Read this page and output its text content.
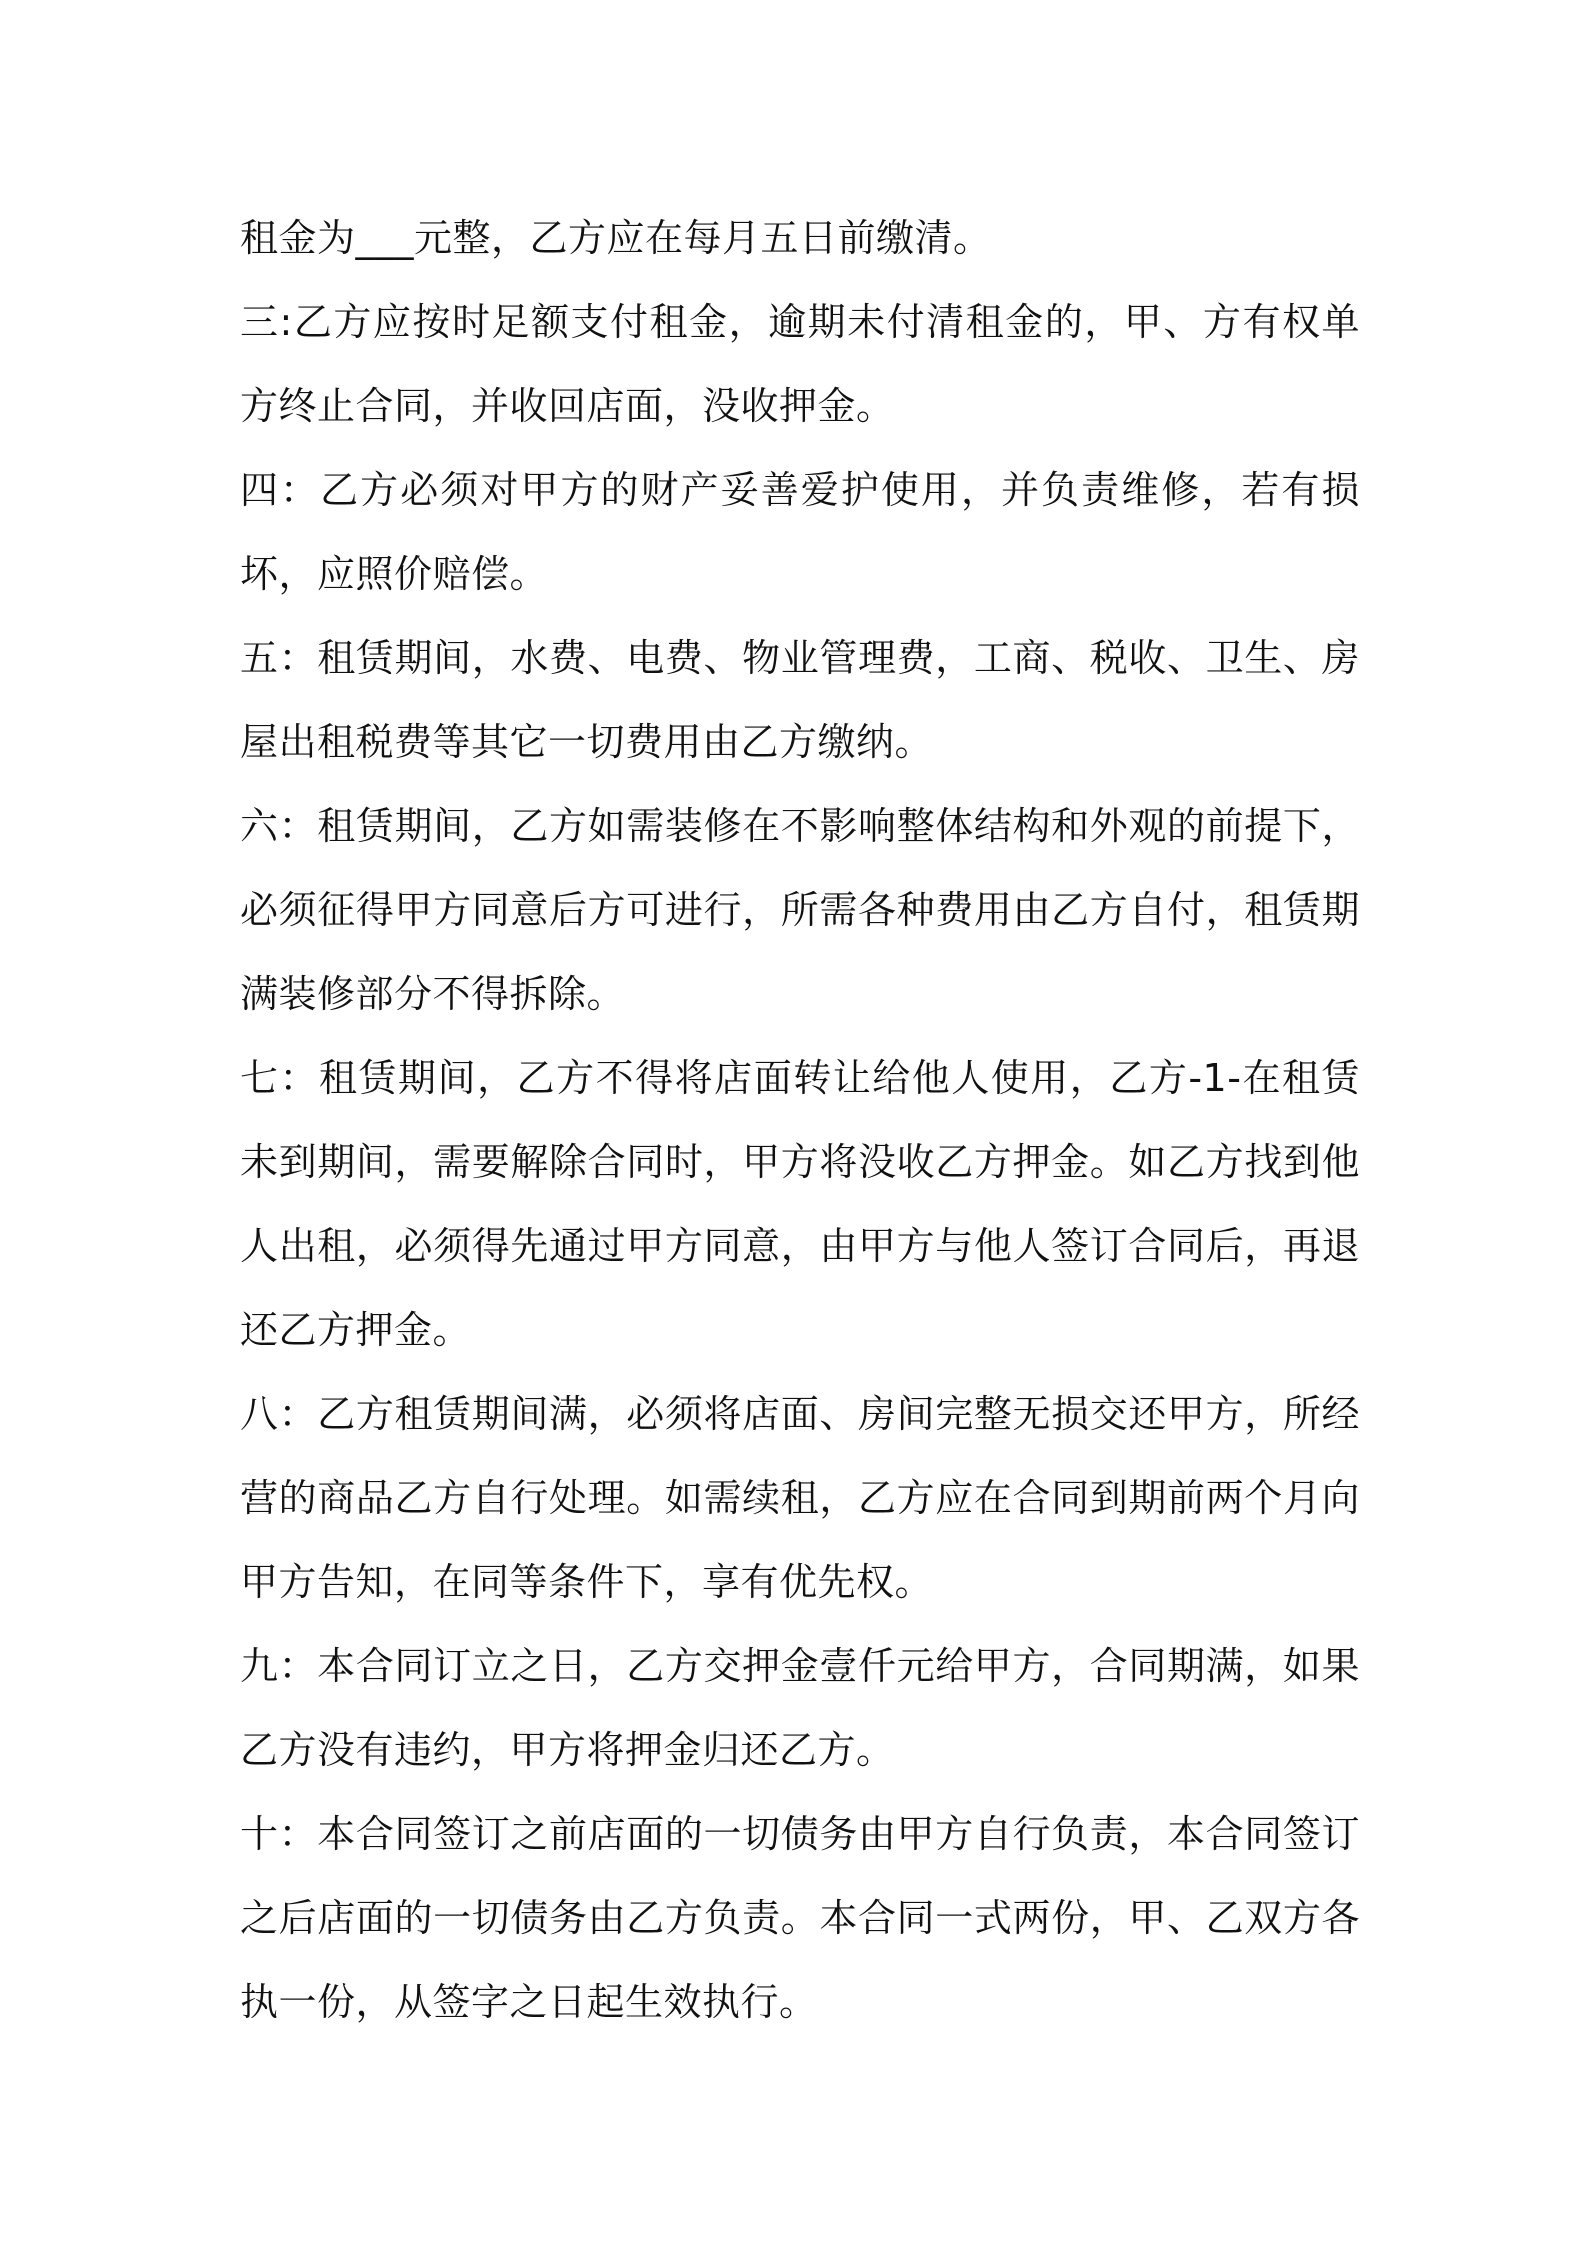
租金为___元整，乙方应在每月五日前缴清。

三:乙方应按时足额支付租金，逾期未付清租金的，甲、方有权单方终止合同，并收回店面，没收押金。

四：乙方必须对甲方的财产妥善爱护使用，并负责维修，若有损坏，应照价赔偿。

五：租赁期间，水费、电费、物业管理费，工商、税收、卫生、房屋出租税费等其它一切费用由乙方缴纳。

六：租赁期间，乙方如需装修在不影响整体结构和外观的前提下，必须征得甲方同意后方可进行，所需各种费用由乙方自付，租赁期满装修部分不得拆除。

七：租赁期间，乙方不得将店面转让给他人使用，乙方-1-在租赁未到期间，需要解除合同时，甲方将没收乙方押金。如乙方找到他人出租，必须得先通过甲方同意，由甲方与他人签订合同后，再退还乙方押金。

八：乙方租赁期间满，必须将店面、房间完整无损交还甲方，所经营的商品乙方自行处理。如需续租，乙方应在合同到期前两个月向甲方告知，在同等条件下，享有优先权。

九：本合同订立之日，乙方交押金壹仟元给甲方，合同期满，如果乙方没有违约，甲方将押金归还乙方。

十：本合同签订之前店面的一切债务由甲方自行负责，本合同签订之后店面的一切债务由乙方负责。本合同一式两份，甲、乙双方各执一份，从签字之日起生效执行。
